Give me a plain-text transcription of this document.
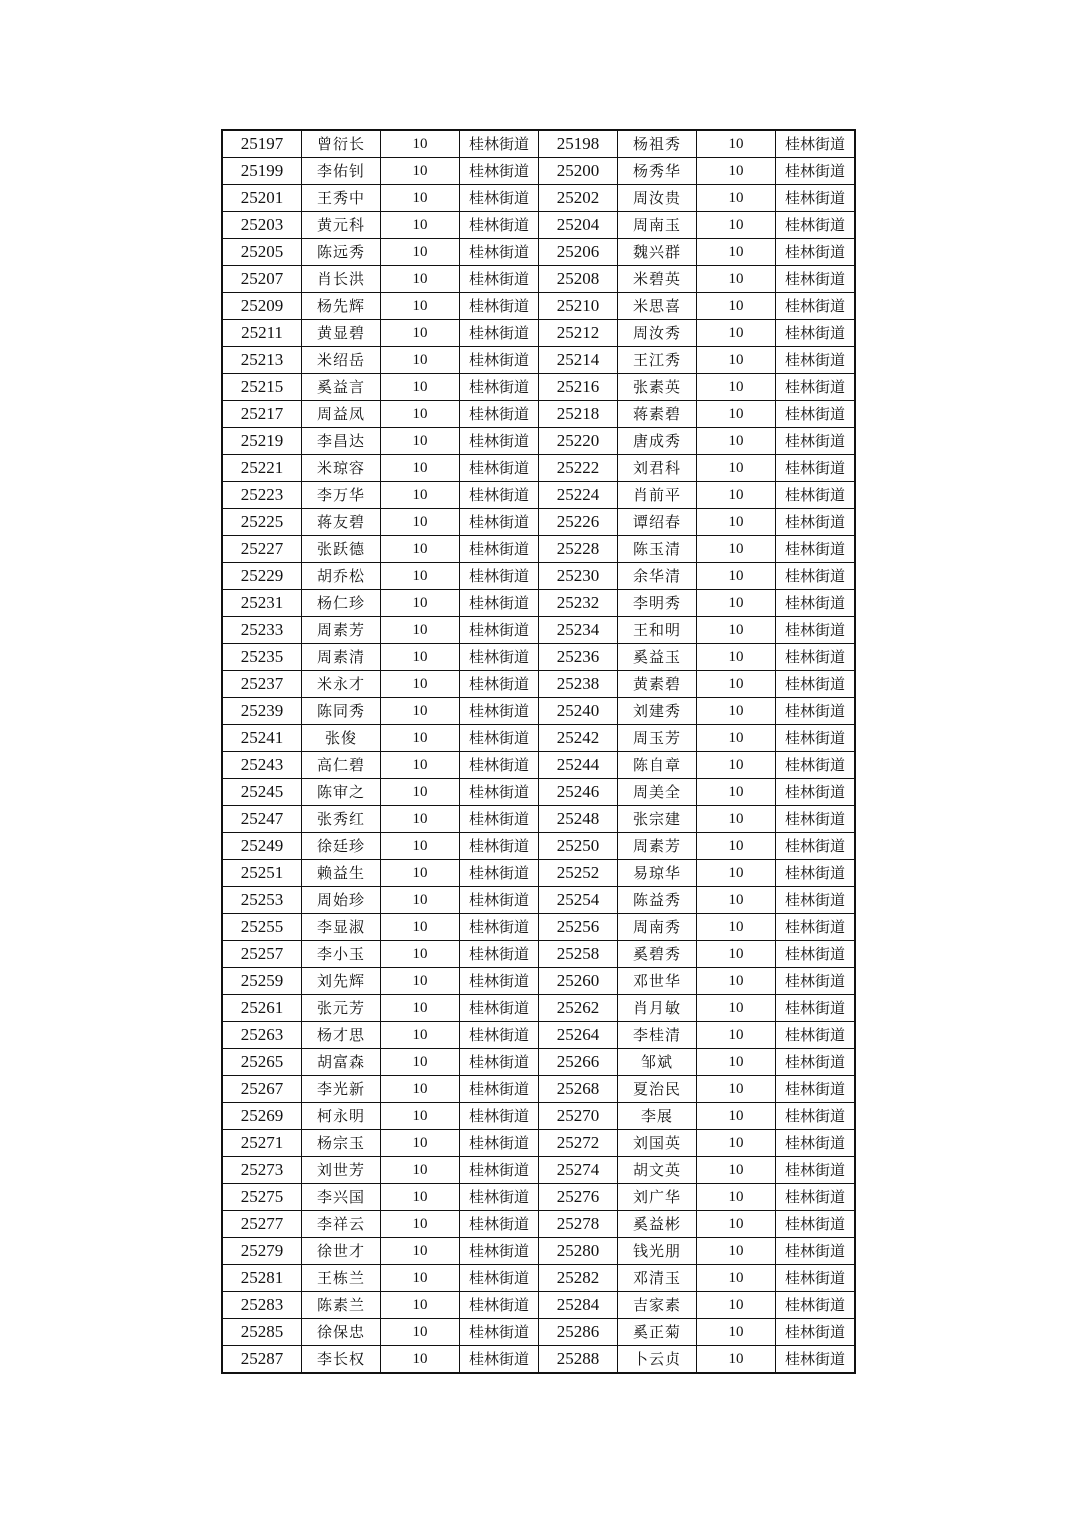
25197	曾衍长	10	桂林街道	25198	杨祖秀	10	桂林街道
25199	李佑钊	10	桂林街道	25200	杨秀华	10	桂林街道
25201	王秀中	10	桂林街道	25202	周汝贵	10	桂林街道
25203	黄元科	10	桂林街道	25204	周南玉	10	桂林街道
25205	陈远秀	10	桂林街道	25206	魏兴群	10	桂林街道
25207	肖长洪	10	桂林街道	25208	米碧英	10	桂林街道
25209	杨先辉	10	桂林街道	25210	米思喜	10	桂林街道
25211	黄显碧	10	桂林街道	25212	周汝秀	10	桂林街道
25213	米绍岳	10	桂林街道	25214	王江秀	10	桂林街道
25215	奚益言	10	桂林街道	25216	张素英	10	桂林街道
25217	周益凤	10	桂林街道	25218	蒋素碧	10	桂林街道
25219	李昌达	10	桂林街道	25220	唐成秀	10	桂林街道
25221	米琼容	10	桂林街道	25222	刘君科	10	桂林街道
25223	李万华	10	桂林街道	25224	肖前平	10	桂林街道
25225	蒋友碧	10	桂林街道	25226	谭绍春	10	桂林街道
25227	张跃德	10	桂林街道	25228	陈玉清	10	桂林街道
25229	胡乔松	10	桂林街道	25230	余华清	10	桂林街道
25231	杨仁珍	10	桂林街道	25232	李明秀	10	桂林街道
25233	周素芳	10	桂林街道	25234	王和明	10	桂林街道
25235	周素清	10	桂林街道	25236	奚益玉	10	桂林街道
25237	米永才	10	桂林街道	25238	黄素碧	10	桂林街道
25239	陈同秀	10	桂林街道	25240	刘建秀	10	桂林街道
25241	张俊	10	桂林街道	25242	周玉芳	10	桂林街道
25243	高仁碧	10	桂林街道	25244	陈自章	10	桂林街道
25245	陈审之	10	桂林街道	25246	周美全	10	桂林街道
25247	张秀红	10	桂林街道	25248	张宗建	10	桂林街道
25249	徐廷珍	10	桂林街道	25250	周素芳	10	桂林街道
25251	赖益生	10	桂林街道	25252	易琼华	10	桂林街道
25253	周始珍	10	桂林街道	25254	陈益秀	10	桂林街道
25255	李显淑	10	桂林街道	25256	周南秀	10	桂林街道
25257	李小玉	10	桂林街道	25258	奚碧秀	10	桂林街道
25259	刘先辉	10	桂林街道	25260	邓世华	10	桂林街道
25261	张元芳	10	桂林街道	25262	肖月敏	10	桂林街道
25263	杨才思	10	桂林街道	25264	李桂清	10	桂林街道
25265	胡富森	10	桂林街道	25266	邹斌	10	桂林街道
25267	李光新	10	桂林街道	25268	夏治民	10	桂林街道
25269	柯永明	10	桂林街道	25270	李展	10	桂林街道
25271	杨宗玉	10	桂林街道	25272	刘国英	10	桂林街道
25273	刘世芳	10	桂林街道	25274	胡文英	10	桂林街道
25275	李兴国	10	桂林街道	25276	刘广华	10	桂林街道
25277	李祥云	10	桂林街道	25278	奚益彬	10	桂林街道
25279	徐世才	10	桂林街道	25280	钱光朋	10	桂林街道
25281	王栋兰	10	桂林街道	25282	邓清玉	10	桂林街道
25283	陈素兰	10	桂林街道	25284	吉家素	10	桂林街道
25285	徐保忠	10	桂林街道	25286	奚正菊	10	桂林街道
25287	李长权	10	桂林街道	25288	卜云贞	10	桂林街道
